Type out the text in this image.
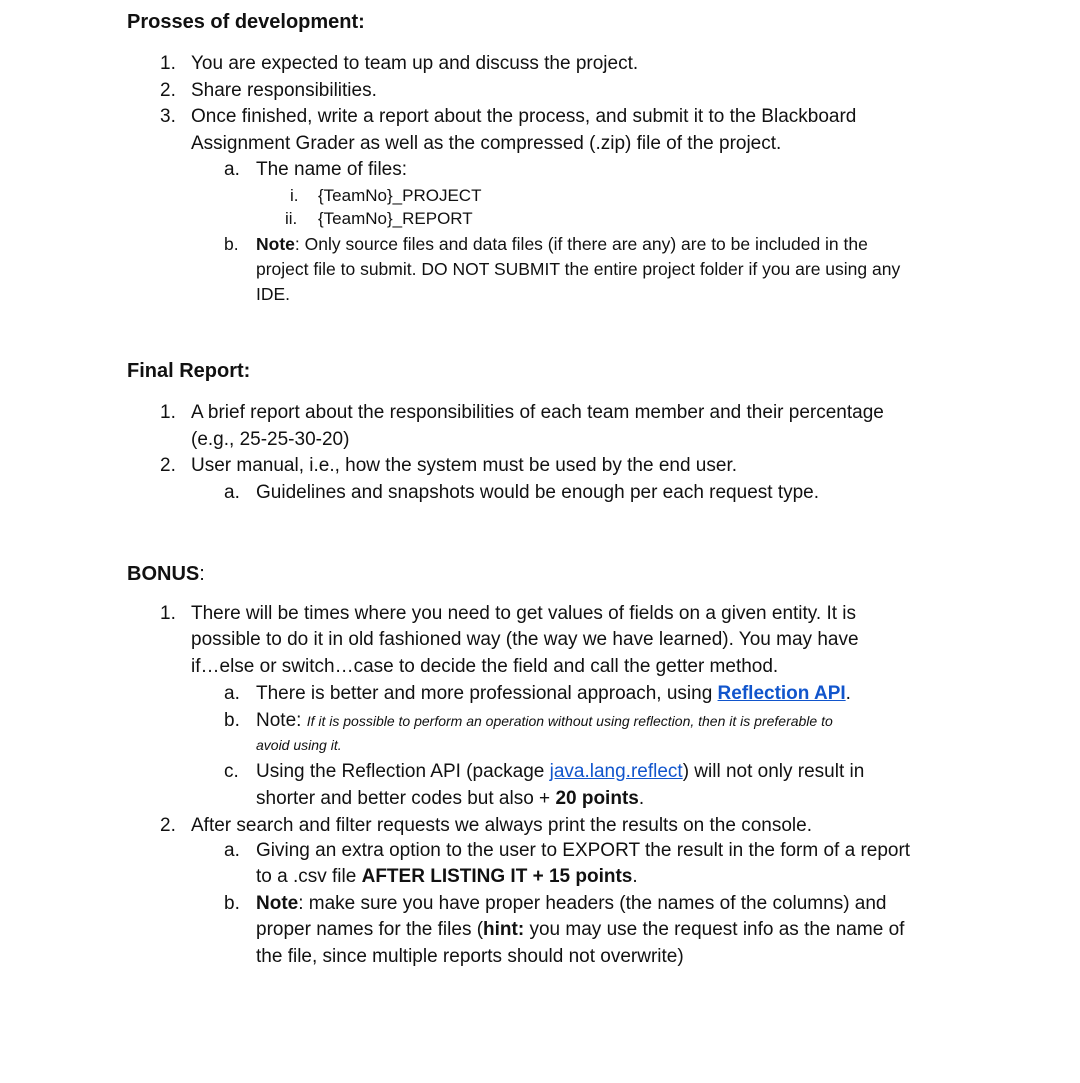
Prosses of development:
1. You are expected to team up and discuss the project.
2. Share responsibilities.
3. Once finished, write a report about the process, and submit it to the Blackboard
Assignment Grader as well as the compressed (.zip) file of the project.
a. The name of files:
i. {TeamNo}_PROJECT
ii. {TeamNo}_REPORT
b. Note: Only source files and data files (if there are any) are to be included in the
project file to submit. DO NOT SUBMIT the entire project folder if you are using any
IDE.
Final Report:
1. A brief report about the responsibilities of each team member and their percentage
(e.g., 25-25-30-20)
2. User manual, i.e., how the system must be used by the end user.
a. Guidelines and snapshots would be enough per each request type.
BONUS:
1. There will be times where you need to get values of fields on a given entity. It is
possible to do it in old fashioned way (the way we have learned). You may have
if…else or switch…case to decide the field and call the getter method.
a. There is better and more professional approach, using Reflection API.
b. Note: If it is possible to perform an operation without using reflection, then it is preferable to
avoid using it.
c. Using the Reflection API (package java.lang.reflect) will not only result in
shorter and better codes but also + 20 points.
2. After search and filter requests we always print the results on the console.
a. Giving an extra option to the user to EXPORT the result in the form of a report
to a .csv file AFTER LISTING IT + 15 points.
b. Note: make sure you have proper headers (the names of the columns) and
proper names for the files (hint: you may use the request info as the name of
the file, since multiple reports should not overwrite)
